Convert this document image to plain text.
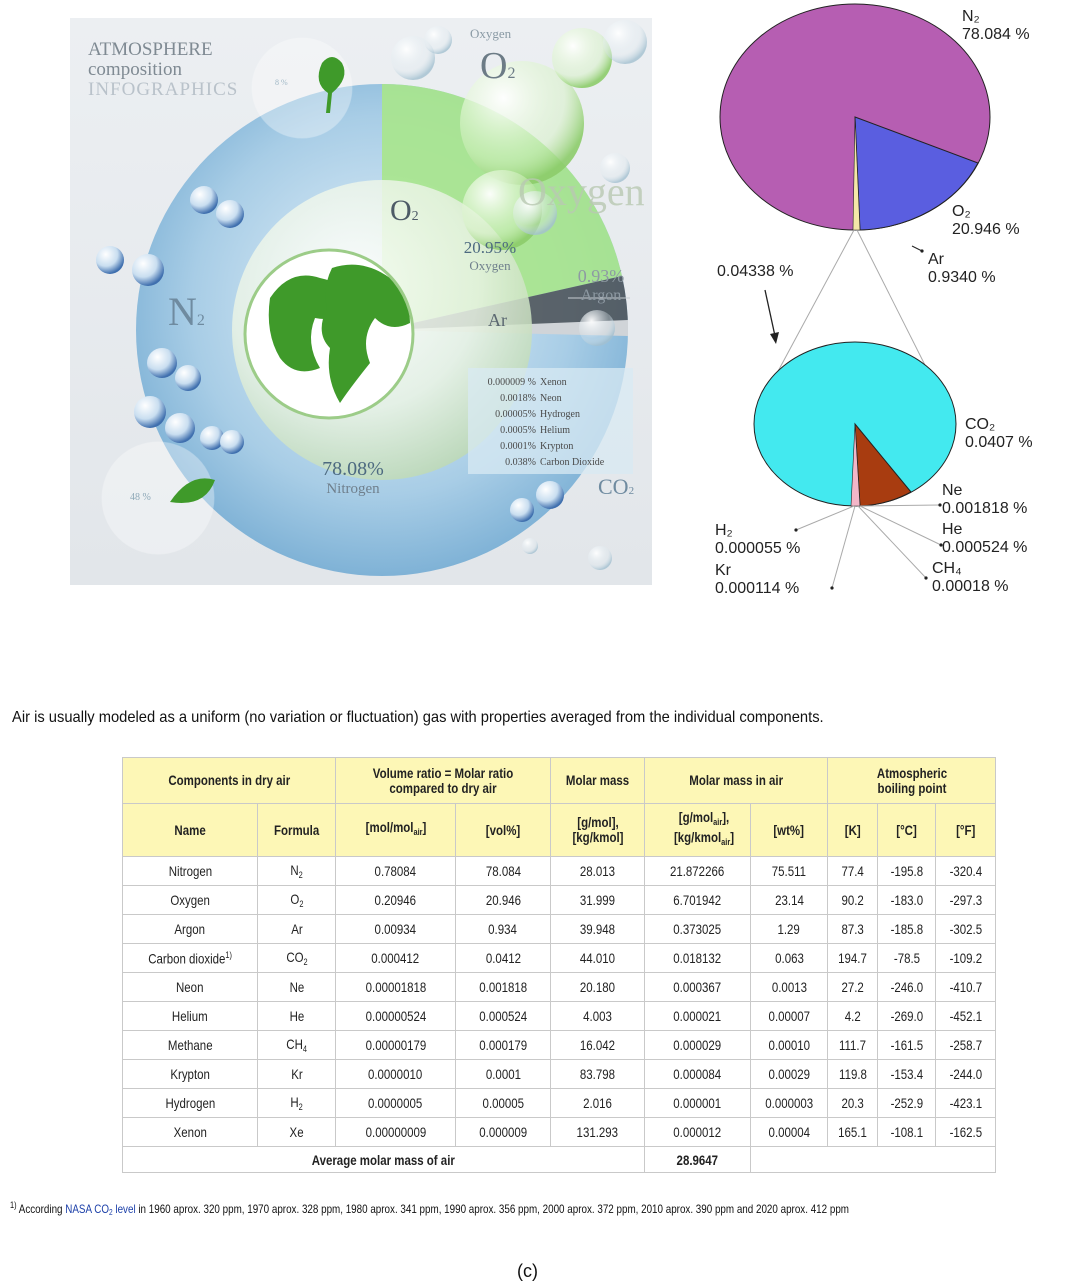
ATMOSPHERE
composition
INFOGRAPHICS	8 %
48 %
Oxygen
O2
Oxygen
O2
N2	Ar
CO2
20.95%
Oxygen
0.93%
Argon
78.08%
Nitrogen
0.000009 % Xenon
0.0018% Neon
0.00005% Hydrogen
0.0005% Helium
0.0001% Krypton
0.038% Carbon Dioxide
N₂
78.084 %
O₂
20.946 %
Ar
0.9340 %
0.04338 %
CO₂
0.0407 %
Ne
0.001818 %
He
0.000524 %
CH₄
0.00018 %
H₂
0.000055 %
Kr
0.000114 %
Air is usually modeled as a uniform (no variation or fluctuation) gas with properties averaged from the individual components.
Components in dry air		Volume ratio = Molar ratio compared to dry air		Molar mass	Molar mass in air		Atmospheric boiling point		
Name	Formula	[mol/mol$_{air}$]	[vol%]	[g/mol], [kg/kmol]	[g/mol$_{air}$], [kg/kmol$_{air}$]	[wt%]	[K]	[°C]	[°F]
Nitrogen	$N_2$	0.78084	78.084	28.013	21.872266	75.511	77.4	-195.8	-320.4
Oxygen	$O_2$	0.20946	20.946	31.999	6.701942	23.14	90.2	-183.0	-297.3
Argon	Ar	0.00934	0.934	39.948	0.373025	1.29	87.3	-185.8	-302.5
Carbon dioxide$^{1)}$	$CO_2$	0.000412	0.0412	44.010	0.018132	0.063	194.7	-78.5	-109.2
Neon	Ne	0.00001818	0.001818	20.180	0.000367	0.0013	27.2	-246.0	-410.7
Helium	He	0.00000524	0.000524	4.003	0.000021	0.00007	4.2	-269.0	-452.1
Methane	$CH_4$	0.00000179	0.000179	16.042	0.000029	0.00010	111.7	-161.5	-258.7
Krypton	Kr	0.0000010	0.0001	83.798	0.000084	0.00029	119.8	-153.4	-244.0
Hydrogen	$H_2$	0.0000005	0.00005	2.016	0.000001	0.000003	20.3	-252.9	-423.1
Xenon	Xe	0.00000009	0.000009	131.293	0.000012	0.00004	165.1	-108.1	-162.5
Average molar mass of air					28.9647				
$^{1)}$ According NASA CO2 level in 1960 aprox. 320 ppm, 1970 aprox. 328 ppm, 1980 aprox. 341 ppm, 1990 aprox. 356 ppm, 2000 aprox. 372 ppm, 2010 aprox. 390 ppm and 2020 aprox. 412 ppm
(c)
